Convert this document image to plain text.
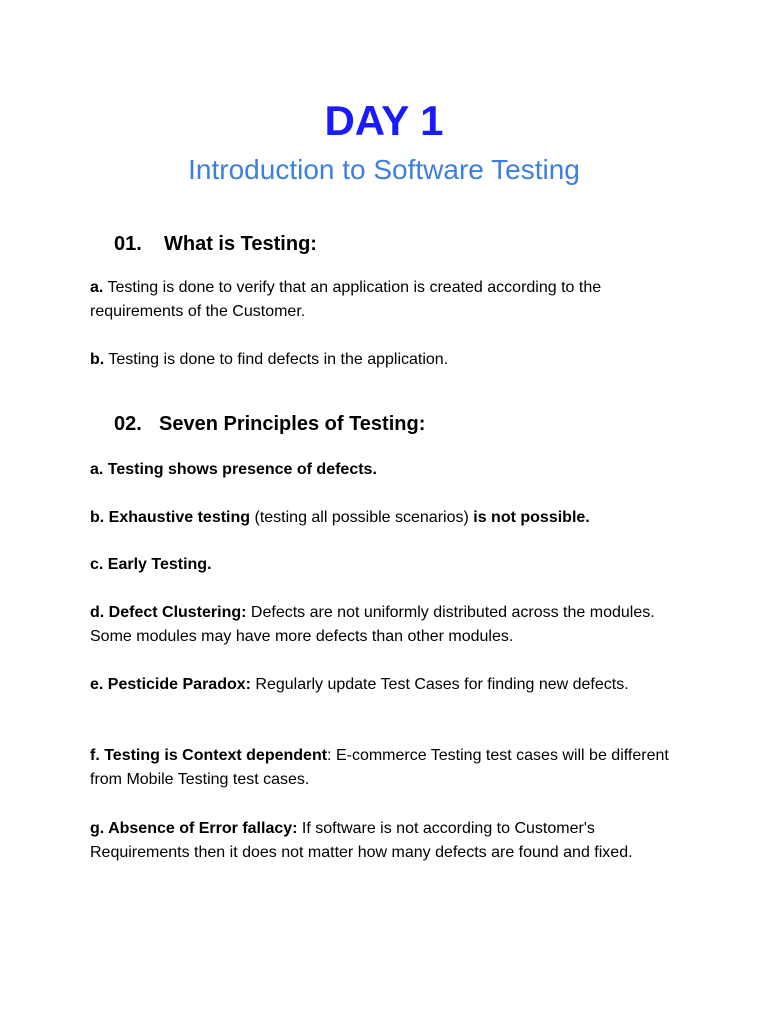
DAY 1
Introduction to Software Testing
01. What is Testing:
a. Testing is done to verify that an application is created according to the requirements of the Customer.
b. Testing is done to find defects in the application.
02. Seven Principles of Testing:
a. Testing shows presence of defects.
b. Exhaustive testing (testing all possible scenarios) is not possible.
c. Early Testing.
d. Defect Clustering: Defects are not uniformly distributed across the modules. Some modules may have more defects than other modules.
e. Pesticide Paradox: Regularly update Test Cases for finding new defects.
f. Testing is Context dependent: E-commerce Testing test cases will be different from Mobile Testing test cases.
g. Absence of Error fallacy: If software is not according to Customer's Requirements then it does not matter how many defects are found and fixed.
